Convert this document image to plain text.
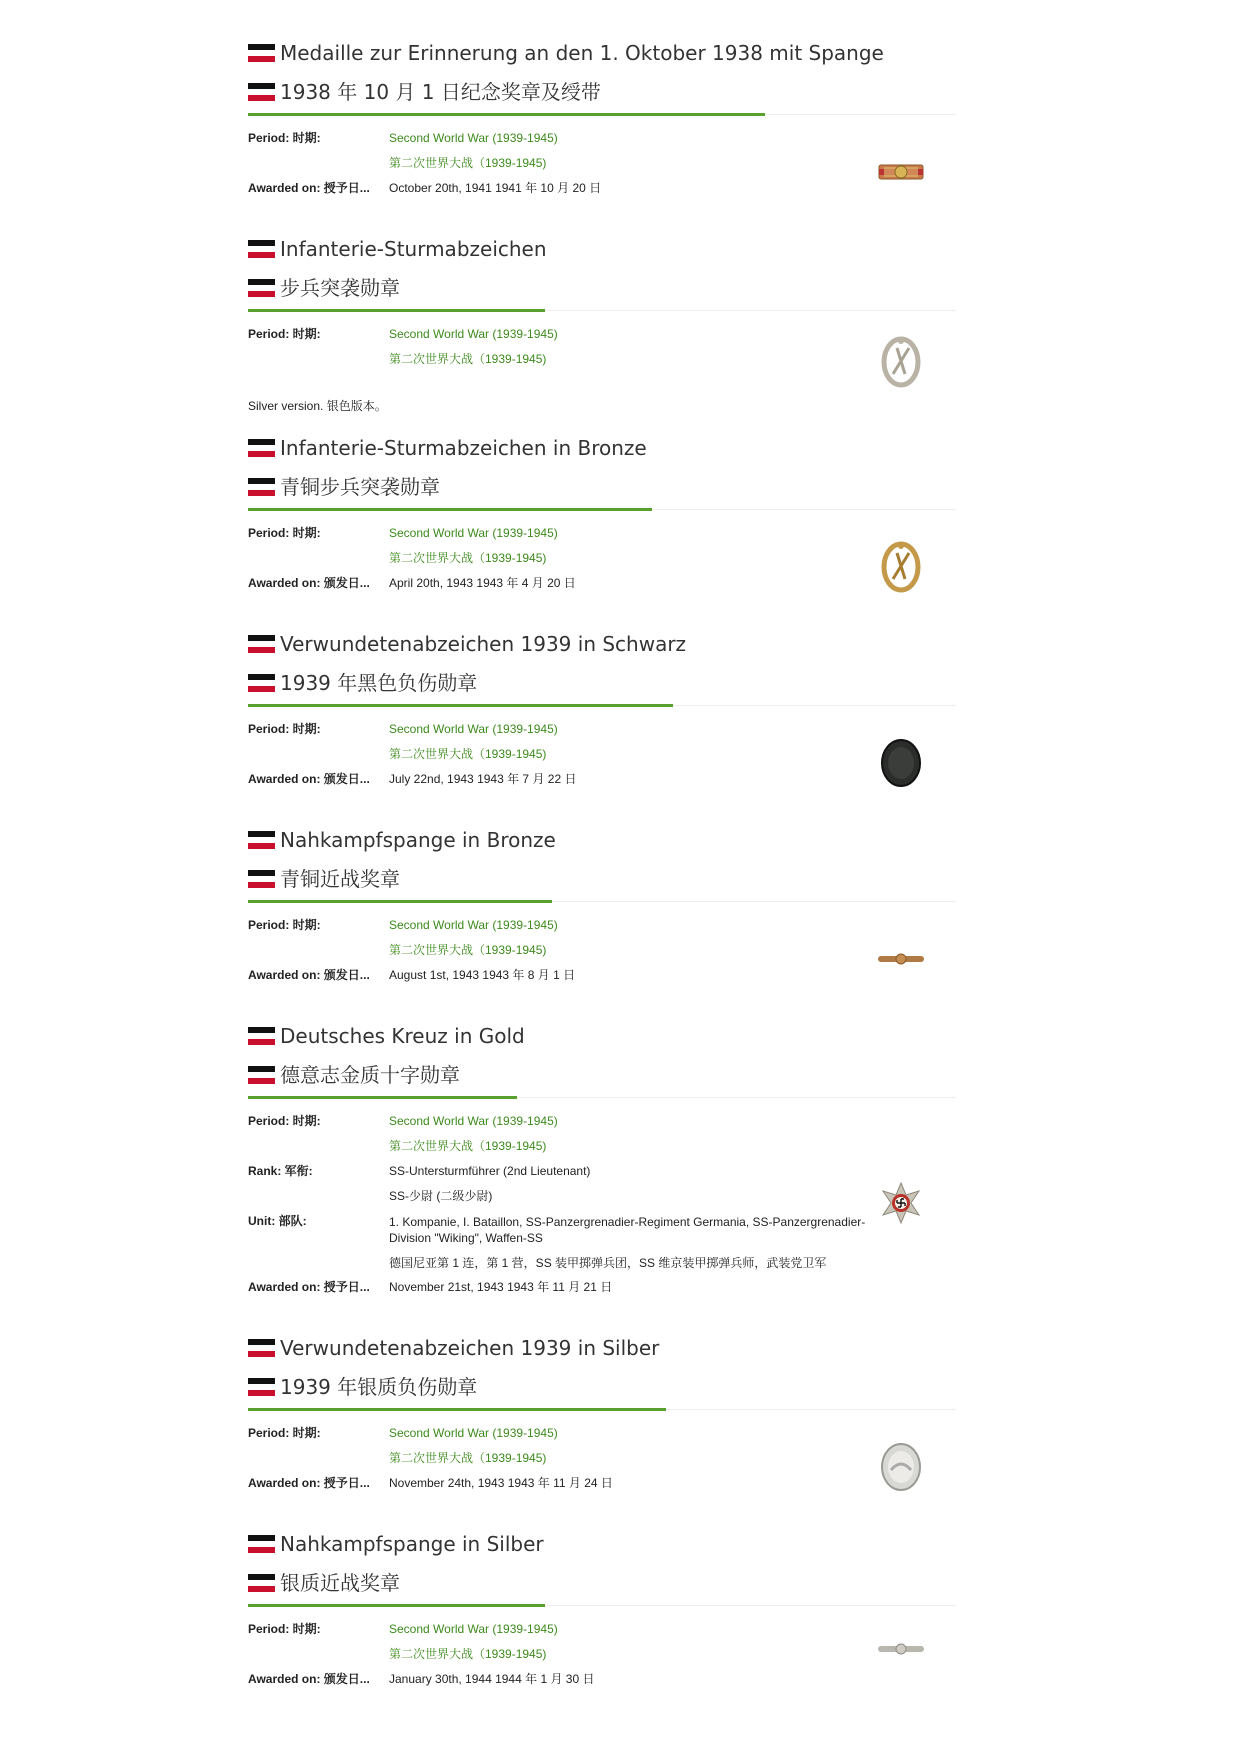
Medaille zur Erinnerung an den 1. Oktober 1938 mit Spange
1938 年 10 月 1 日纪念奖章及绶带
Period: 时期:	Second World War (1939-1945)
第二次世界大战（1939-1945)
Awarded on: 授予日...	October 20th, 1941 1941 年 10 月 20 日
Infanterie-Sturmabzeichen
步兵突袭勋章
Period: 时期:	Second World War (1939-1945)
第二次世界大战（1939-1945)
Silver version. 银色版本。
Infanterie-Sturmabzeichen in Bronze
青铜步兵突袭勋章
Period: 时期:	Second World War (1939-1945)
第二次世界大战（1939-1945)
Awarded on: 颁发日...	April 20th, 1943 1943 年 4 月 20 日
Verwundetenabzeichen 1939 in Schwarz
1939 年黑色负伤勋章
Period: 时期:	Second World War (1939-1945)
第二次世界大战（1939-1945)
Awarded on: 颁发日...	July 22nd, 1943 1943 年 7 月 22 日
Nahkampfspange in Bronze
青铜近战奖章
Period: 时期:	Second World War (1939-1945)
第二次世界大战（1939-1945)
Awarded on: 颁发日...	August 1st, 1943 1943 年 8 月 1 日
Deutsches Kreuz in Gold
德意志金质十字勋章
Period: 时期:	Second World War (1939-1945)
第二次世界大战（1939-1945)
Rank: 军衔:	SS-Untersturmführer (2nd Lieutenant)
SS-少尉 (二级少尉)
Unit: 部队:	1. Kompanie, I. Bataillon, SS-Panzergrenadier-Regiment Germania, SS-Panzergrenadier-Division "Wiking", Waffen-SS
德国尼亚第 1 连，第 1 营，SS 装甲掷弹兵团，SS 维京装甲掷弹兵师，武装党卫军
Awarded on: 授予日...	November 21st, 1943 1943 年 11 月 21 日
Verwundetenabzeichen 1939 in Silber
1939 年银质负伤勋章
Period: 时期:	Second World War (1939-1945)
第二次世界大战（1939-1945)
Awarded on: 授予日...	November 24th, 1943 1943 年 11 月 24 日
Nahkampfspange in Silber
银质近战奖章
Period: 时期:	Second World War (1939-1945)
第二次世界大战（1939-1945)
Awarded on: 颁发日...	January 30th, 1944 1944 年 1 月 30 日
